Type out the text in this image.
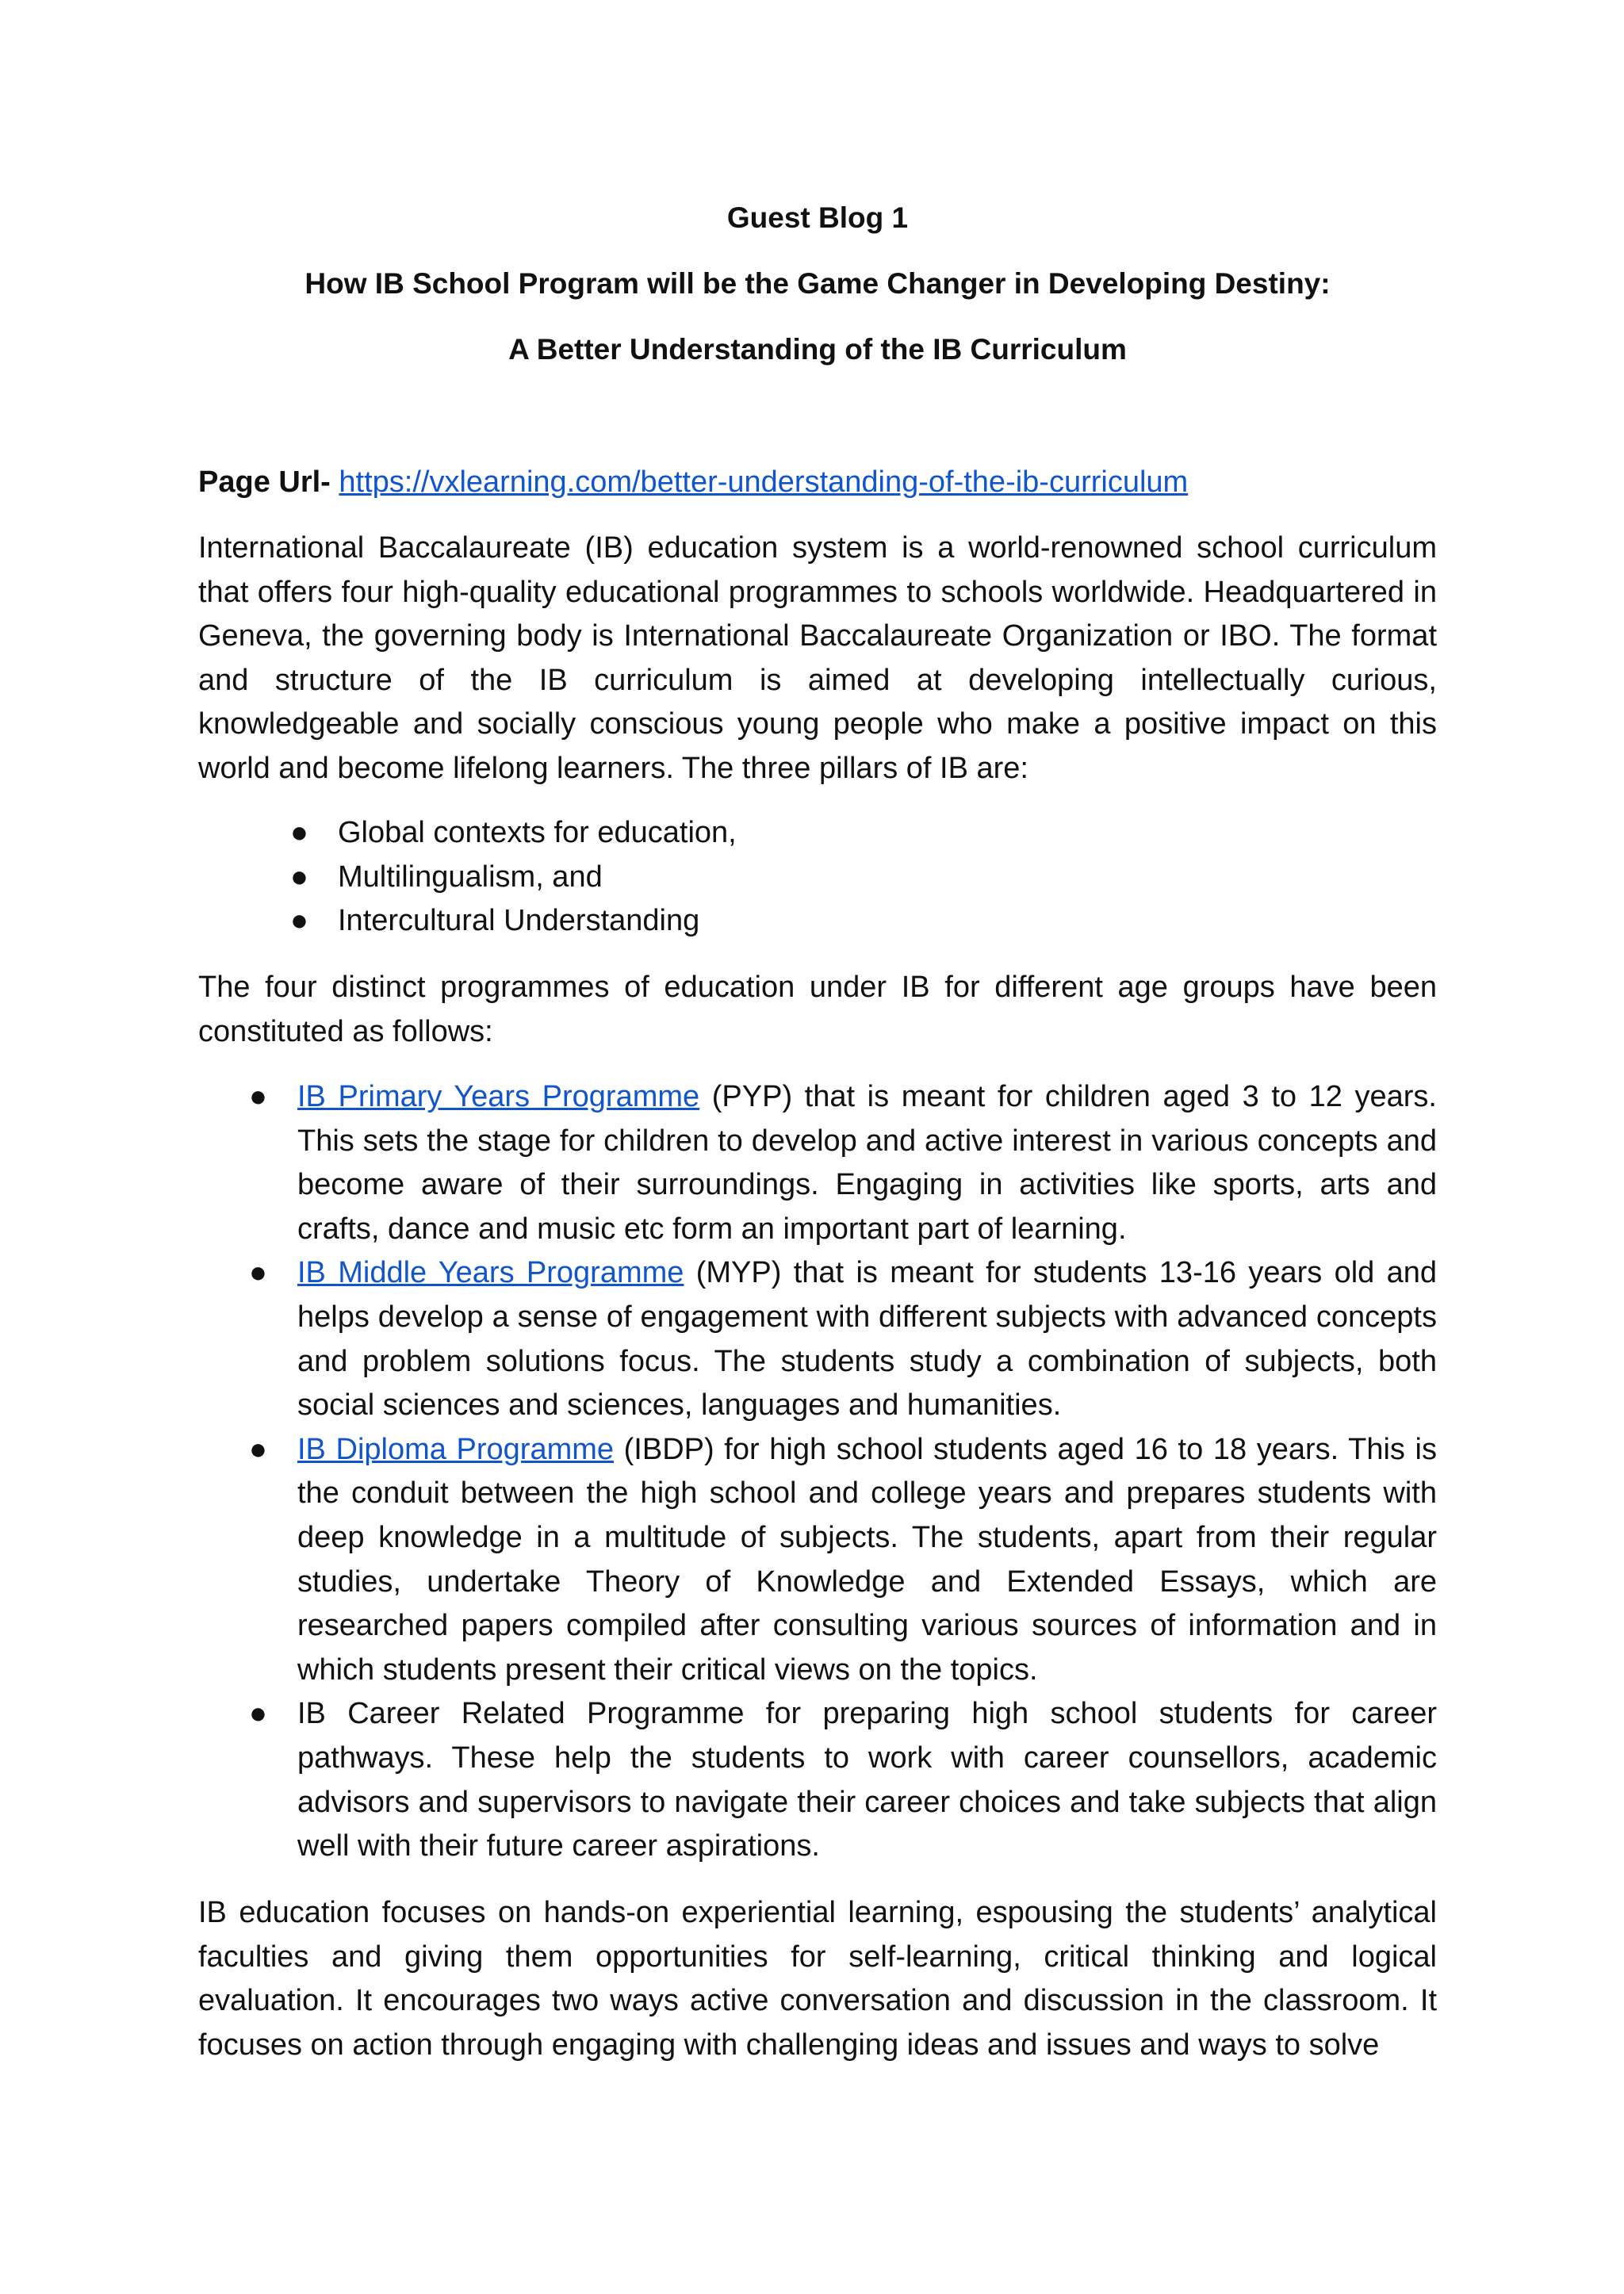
Guest Blog 1
How IB School Program will be the Game Changer in Developing Destiny:
A Better Understanding of the IB Curriculum

Page Url- https://vxlearning.com/better-understanding-of-the-ib-curriculum

International Baccalaureate (IB) education system is a world-renowned school curriculum that offers four high-quality educational programmes to schools worldwide. Headquartered in Geneva, the governing body is International Baccalaureate Organization or IBO. The format and structure of the IB curriculum is aimed at developing intellectually curious, knowledgeable and socially conscious young people who make a positive impact on this world and become lifelong learners. The three pillars of IB are:

● Global contexts for education,
● Multilingualism, and
● Intercultural Understanding

The four distinct programmes of education under IB for different age groups have been constituted as follows:

● IB Primary Years Programme (PYP) that is meant for children aged 3 to 12 years. This sets the stage for children to develop and active interest in various concepts and become aware of their surroundings. Engaging in activities like sports, arts and crafts, dance and music etc form an important part of learning.
● IB Middle Years Programme (MYP) that is meant for students 13-16 years old and helps develop a sense of engagement with different subjects with advanced concepts and problem solutions focus. The students study a combination of subjects, both social sciences and sciences, languages and humanities.
● IB Diploma Programme (IBDP) for high school students aged 16 to 18 years. This is the conduit between the high school and college years and prepares students with deep knowledge in a multitude of subjects. The students, apart from their regular studies, undertake Theory of Knowledge and Extended Essays, which are researched papers compiled after consulting various sources of information and in which students present their critical views on the topics.
● IB Career Related Programme for preparing high school students for career pathways. These help the students to work with career counsellors, academic advisors and supervisors to navigate their career choices and take subjects that align well with their future career aspirations.

IB education focuses on hands-on experiential learning, espousing the students’ analytical faculties and giving them opportunities for self-learning, critical thinking and logical evaluation. It encourages two ways active conversation and discussion in the classroom. It focuses on action through engaging with challenging ideas and issues and ways to solve
